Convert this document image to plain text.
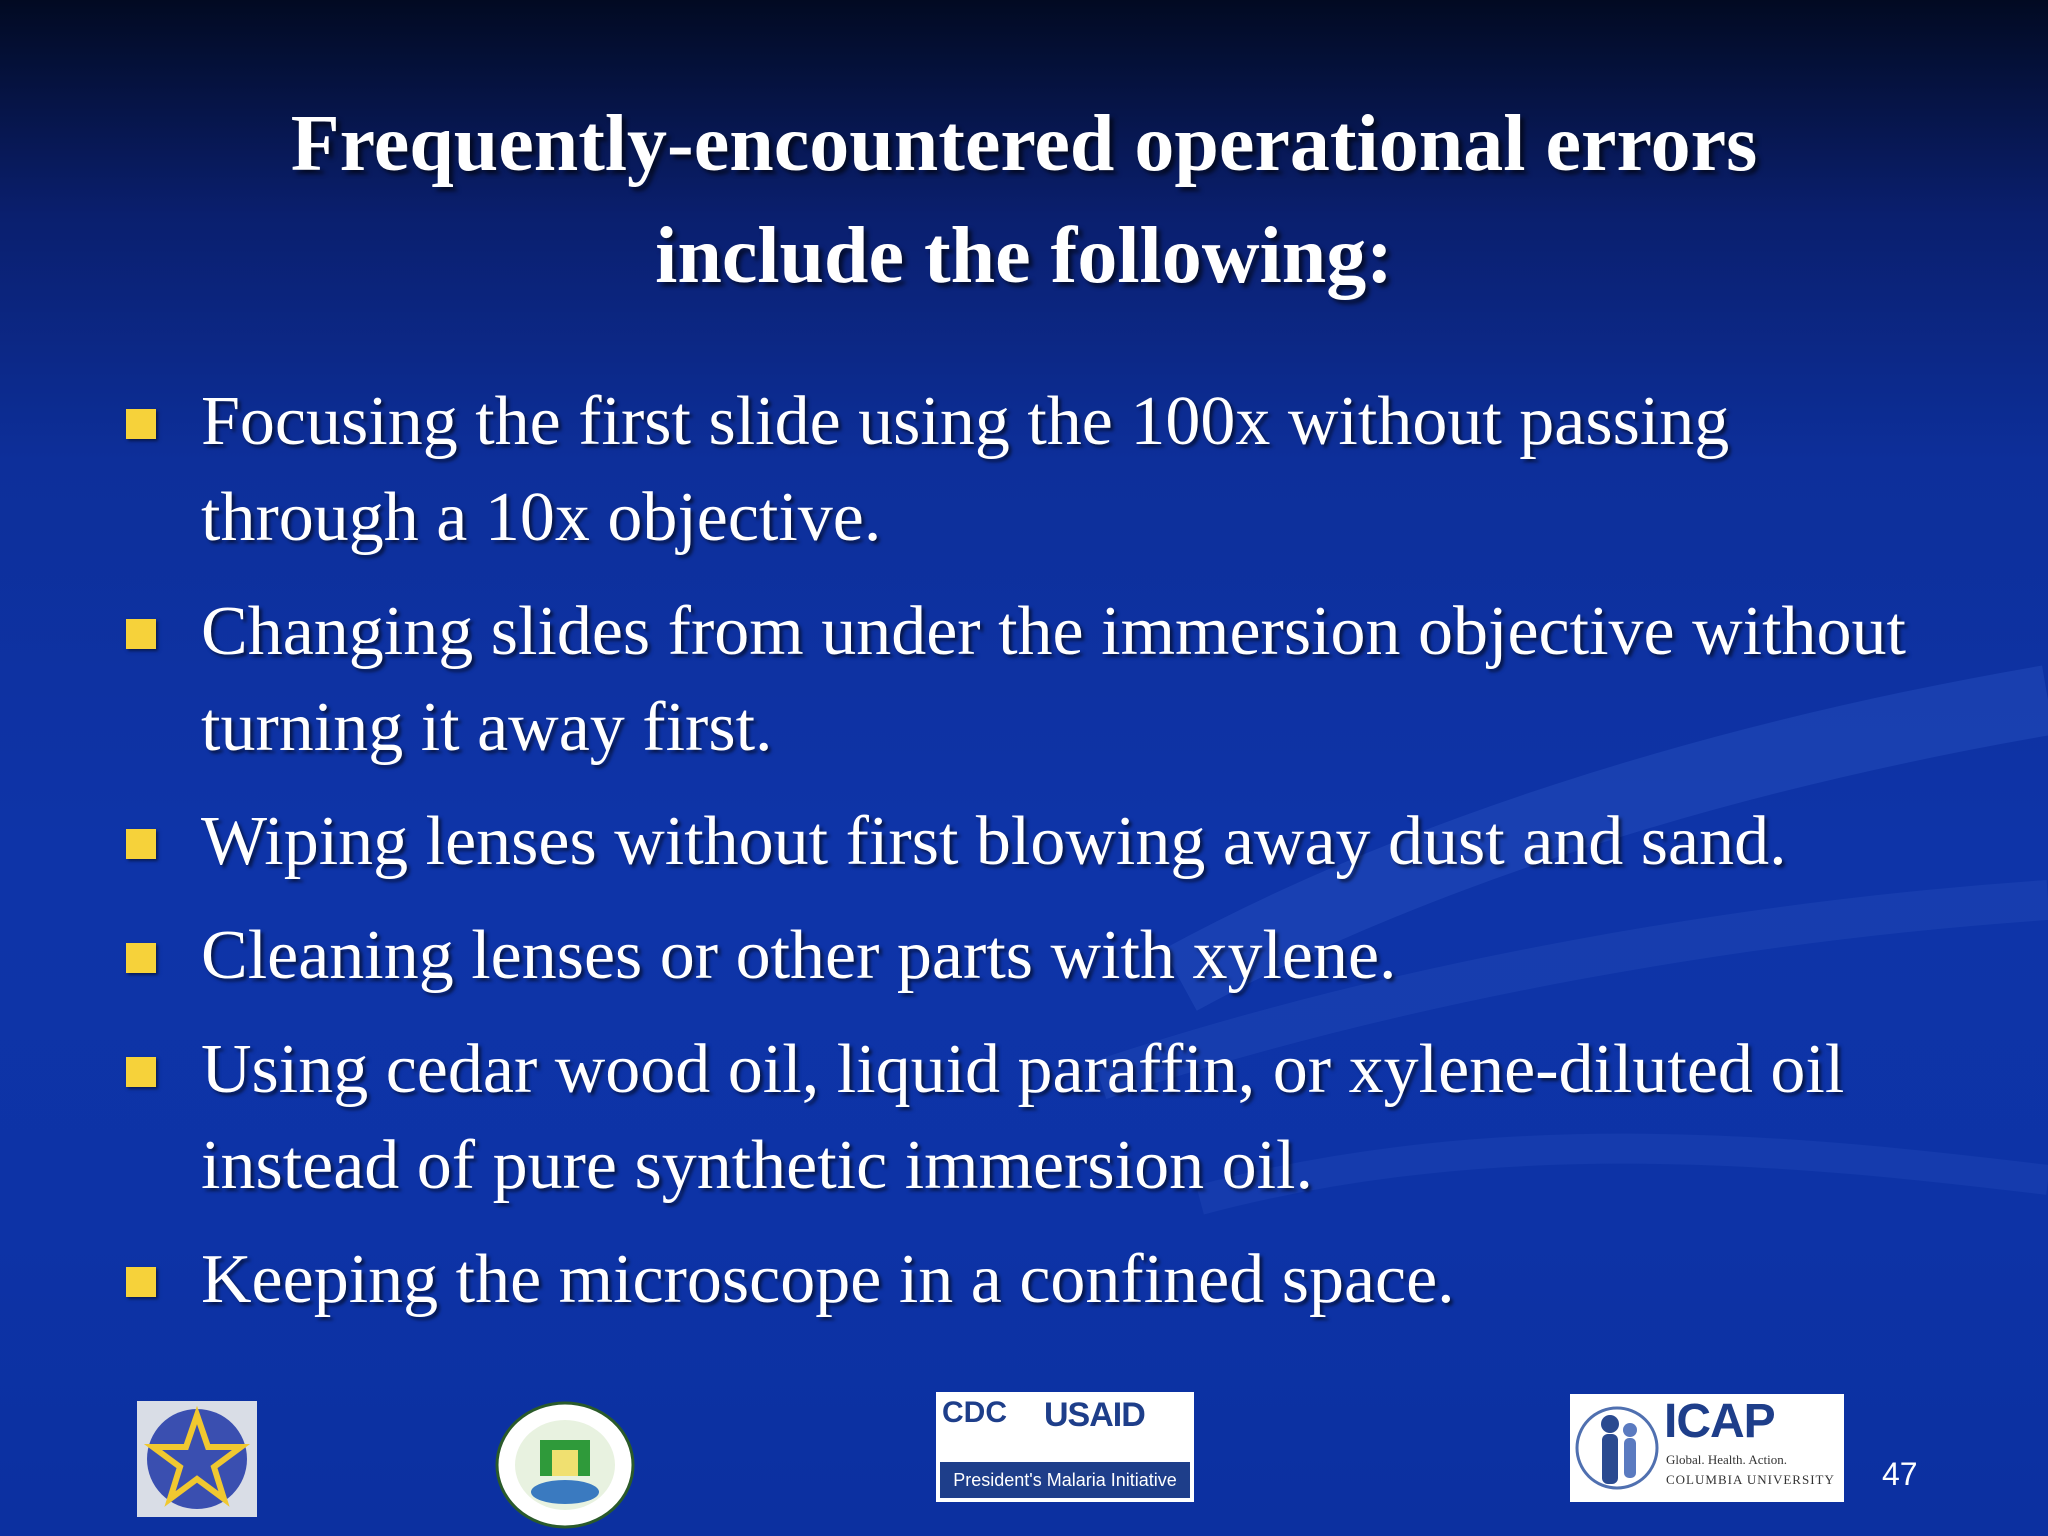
Frequently-encountered operational errors
include the following:
Focusing the first slide using the 100x without passing through a 10x objective.
Changing slides from under the immersion objective without turning it away first.
Wiping lenses without first blowing away dust and sand.
Cleaning lenses or other parts with xylene.
Using cedar wood oil, liquid paraffin, or xylene-diluted oil instead of pure synthetic immersion oil.
Keeping the microscope in a confined space.
CDC USAID
President's Malaria Initiative
ICAP
Global. Health. Action.
COLUMBIA UNIVERSITY 47
